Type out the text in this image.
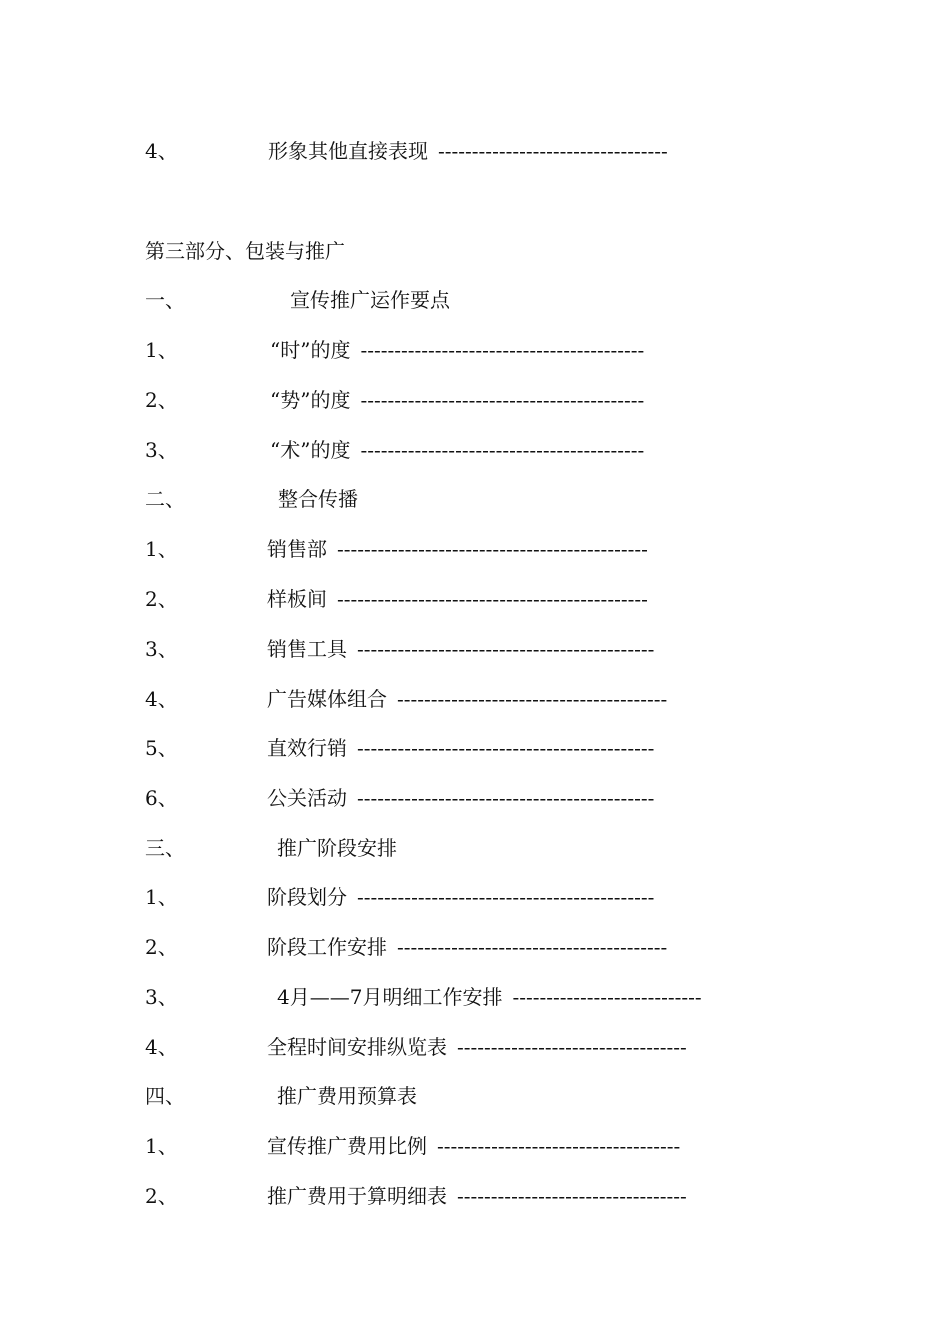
4、	形象其他直接表现 ----------------------------------
第三部分、包装与推广
一、	宣传推广运作要点
1、	“时”的度 ------------------------------------------
2、	“势”的度 ------------------------------------------
3、	“术”的度 ------------------------------------------
二、	整合传播
1、	销售部 ----------------------------------------------
2、	样板间 ----------------------------------------------
3、	销售工具 --------------------------------------------
4、	广告媒体组合 ----------------------------------------
5、	直效行销 --------------------------------------------
6、	公关活动 --------------------------------------------
三、	推广阶段安排
1、	阶段划分 --------------------------------------------
2、	阶段工作安排 ----------------------------------------
3、	4月——7月明细工作安排 ----------------------------
4、	全程时间安排纵览表 ----------------------------------
四、	推广费用预算表
1、	宣传推广费用比例 ------------------------------------
2、	推广费用于算明细表 ----------------------------------
